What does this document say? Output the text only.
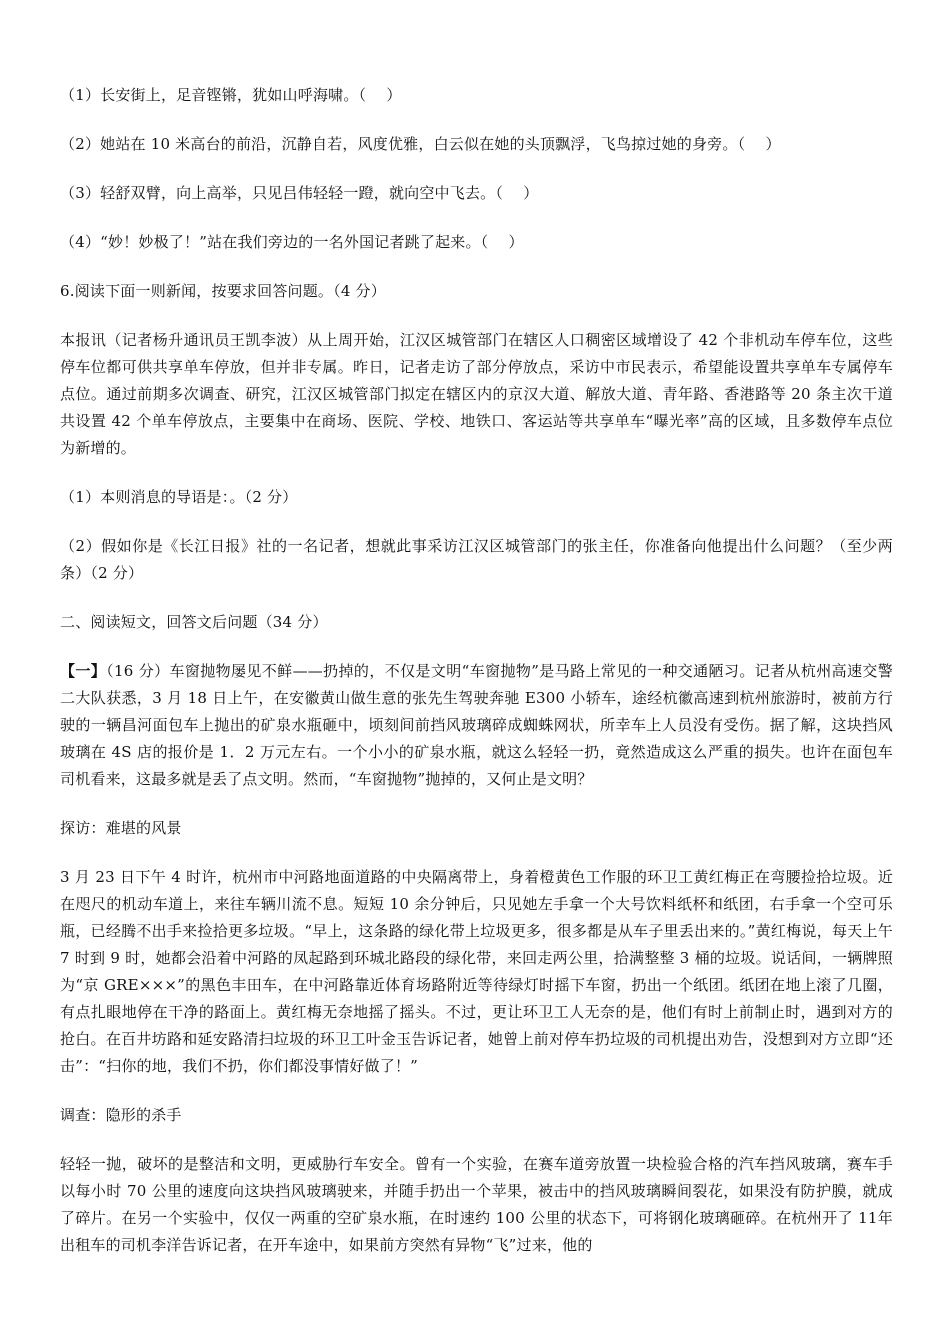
（1）长安街上，足音铿锵，犹如山呼海啸。（　 ）

（2）她站在 10 米高台的前沿，沉静自若，风度优雅，白云似在她的头顶飘浮，飞鸟掠过她的身旁。（　 ）

（3）轻舒双臂，向上高举，只见吕伟轻轻一蹬，就向空中飞去。（　 ）

（4）“妙！妙极了！”站在我们旁边的一名外国记者跳了起来。（　 ）

6.阅读下面一则新闻，按要求回答问题。（4 分）

本报讯（记者杨升通讯员王凯李波）从上周开始，江汉区城管部门在辖区人口稠密区域增设了 42 个非机动车停车位，这些停车位都可供共享单车停放，但并非专属。昨日，记者走访了部分停放点，采访中市民表示，希望能设置共享单车专属停车点位。通过前期多次调查、研究，江汉区城管部门拟定在辖区内的京汉大道、解放大道、青年路、香港路等 20 条主次干道共设置 42 个单车停放点，主要集中在商场、医院、学校、地铁口、客运站等共享单车“曝光率”高的区域，且多数停车点位为新增的。

（1）本则消息的导语是：。（2 分）

（2）假如你是《长江日报》社的一名记者，想就此事采访江汉区城管部门的张主任，你准备向他提出什么问题？（至少两条）（2 分）

二、阅读短文，回答文后问题（34 分）

【一】（16 分）车窗抛物屡见不鲜——扔掉的，不仅是文明“车窗抛物”是马路上常见的一种交通陋习。记者从杭州高速交警二大队获悉，3 月 18 日上午，在安徽黄山做生意的张先生驾驶奔驰 E300 小轿车，途经杭徽高速到杭州旅游时，被前方行驶的一辆昌河面包车上抛出的矿泉水瓶砸中，顷刻间前挡风玻璃碎成蜘蛛网状，所幸车上人员没有受伤。据了解，这块挡风玻璃在 4S 店的报价是 1．2 万元左右。一个小小的矿泉水瓶，就这么轻轻一扔，竟然造成这么严重的损失。也许在面包车司机看来，这最多就是丢了点文明。然而，“车窗抛物”抛掉的，又何止是文明？

探访：难堪的风景

3 月 23 日下午 4 时许，杭州市中河路地面道路的中央隔离带上，身着橙黄色工作服的环卫工黄红梅正在弯腰捡拾垃圾。近在咫尺的机动车道上，来往车辆川流不息。短短 10 余分钟后，只见她左手拿一个大号饮料纸杯和纸团，右手拿一个空可乐瓶，已经腾不出手来捡拾更多垃圾。“早上，这条路的绿化带上垃圾更多，很多都是从车子里丢出来的。”黄红梅说，每天上午 7 时到 9 时，她都会沿着中河路的凤起路到环城北路段的绿化带，来回走两公里，拾满整整 3 桶的垃圾。说话间，一辆牌照为“京 GRE×××”的黑色丰田车，在中河路靠近体育场路附近等待绿灯时摇下车窗，扔出一个纸团。纸团在地上滚了几圈，有点扎眼地停在干净的路面上。黄红梅无奈地摇了摇头。不过，更让环卫工人无奈的是，他们有时上前制止时，遇到对方的抢白。在百井坊路和延安路清扫垃圾的环卫工叶金玉告诉记者，她曾上前对停车扔垃圾的司机提出劝告，没想到对方立即“还击”：“扫你的地，我们不扔，你们都没事情好做了！”

调查：隐形的杀手

轻轻一抛，破坏的是整洁和文明，更威胁行车安全。曾有一个实验，在赛车道旁放置一块检验合格的汽车挡风玻璃，赛车手以每小时 70 公里的速度向这块挡风玻璃驶来，并随手扔出一个苹果，被击中的挡风玻璃瞬间裂花，如果没有防护膜，就成了碎片。在另一个实验中，仅仅一两重的空矿泉水瓶，在时速约 100 公里的状态下，可将钢化玻璃砸碎。在杭州开了 11年出租车的司机李洋告诉记者，在开车途中，如果前方突然有异物“飞”过来，他的
